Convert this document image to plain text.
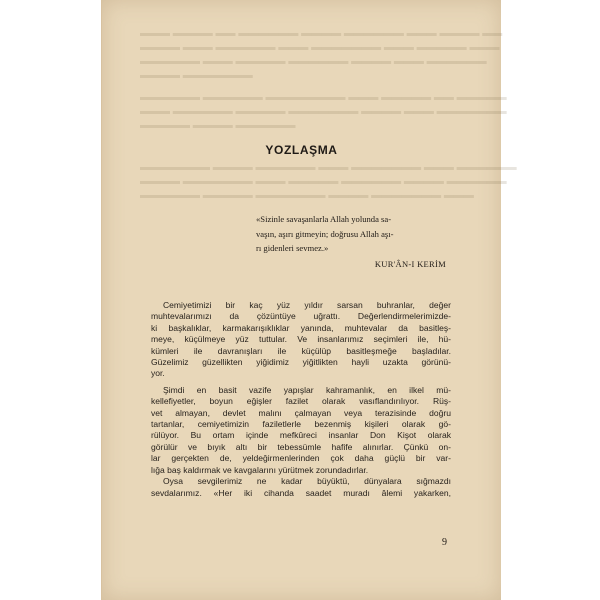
▬▬▬ ▬▬▬▬ ▬▬ ▬▬▬▬▬▬ ▬▬▬▬ ▬▬▬▬▬▬ ▬▬▬ ▬▬▬▬ ▬▬
▬▬▬▬ ▬▬▬ ▬▬▬▬▬▬ ▬▬▬ ▬▬▬▬▬▬▬ ▬▬▬ ▬▬▬▬▬ ▬▬▬
▬▬▬▬▬▬ ▬▬▬ ▬▬▬▬▬ ▬▬▬▬▬▬ ▬▬▬▬ ▬▬▬ ▬▬▬▬▬▬
▬▬▬▬ ▬▬▬▬▬▬▬
▬▬▬▬▬▬ ▬▬▬▬▬▬ ▬▬▬▬▬▬▬▬ ▬▬▬ ▬▬▬▬▬ ▬▬ ▬▬▬▬▬
▬▬▬ ▬▬▬▬▬▬ ▬▬▬▬▬ ▬▬▬▬▬▬▬ ▬▬▬▬ ▬▬▬ ▬▬▬▬▬▬▬
▬▬▬▬▬ ▬▬▬▬ ▬▬▬▬▬▬
▬▬▬▬▬▬▬ ▬▬▬▬ ▬▬▬▬▬▬ ▬▬▬ ▬▬▬▬▬▬▬ ▬▬▬ ▬▬▬▬▬▬
▬▬▬▬ ▬▬▬▬▬▬▬ ▬▬▬ ▬▬▬▬▬ ▬▬▬▬▬▬ ▬▬▬▬ ▬▬▬▬▬▬
▬▬▬▬▬▬ ▬▬▬▬▬ ▬▬▬▬▬▬▬ ▬▬▬▬ ▬▬▬▬▬▬▬ ▬▬▬
YOZLAŞMA
«Sizinle savaşanlarla Allah yolunda sa-
vaşın, aşırı gitmeyin; doğrusu Allah aşı-
rı gidenleri sevmez.»
KUR'ÂN-I KERİM
Cemiyetimizi bir kaç yüz yıldır sarsan buhranlar, değer
muhtevalarımızı da çözüntüye uğrattı. Değerlendirmelerimizde-
ki başkalıklar, karmakarışıklıklar yanında, muhtevalar da basitleş-
meye, küçülmeye yüz tuttular. Ve insanlarımız seçimleri ile, hü-
kümleri ile davranışları ile küçülüp basitleşmeğe başladılar.
Güzelimiz güzellikten yiğidimiz yiğitlikten hayli uzakta görünü-
yor.
Şimdi en basit vazife yapışlar kahramanlık, en ilkel mü-
kellefiyetler, boyun eğişler fazilet olarak vasıflandırılıyor. Rüş-
vet almayan, devlet malını çalmayan veya terazisinde doğru
tartanlar, cemiyetimizin faziletlerle bezenmiş kişileri olarak gö-
rülüyor. Bu ortam içinde mefkûreci insanlar Don Kişot olarak
görülür ve bıyık altı bir tebessümle hafife alınırlar. Çünkü on-
lar gerçekten de, yeldeğirmenlerinden çok daha güçlü bir var-
lığa baş kaldırmak ve kavgalarını yürütmek zorundadırlar.
Oysa sevgilerimiz ne kadar büyüktü, dünyalara sığmazdı
sevdalarımız. «Her iki cihanda saadet muradı âlemi yakarken,
9
